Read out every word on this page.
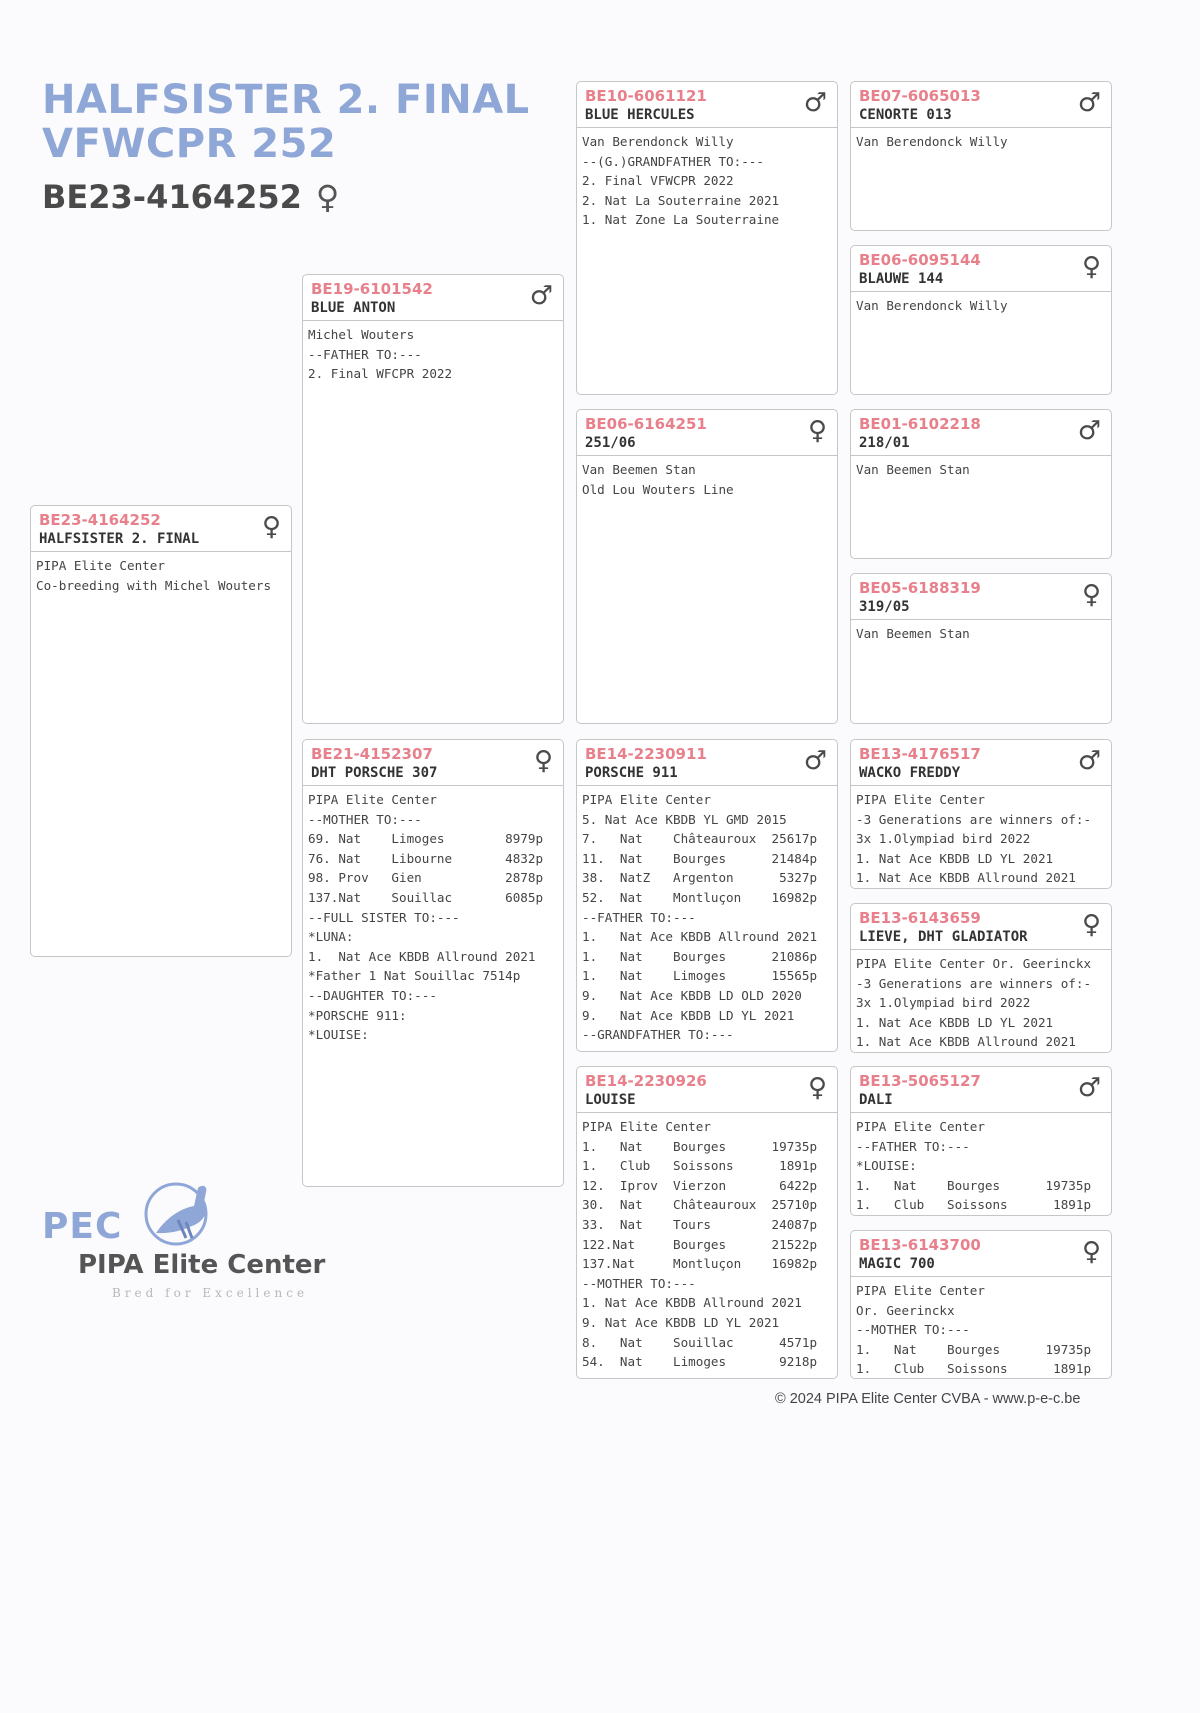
HALFSISTER 2. FINAL
VFWCPR 252
BE23-4164252 ♀
BE23-4164252
HALFSISTER 2. FINAL	♀
PIPA Elite Center
Co-breeding with Michel Wouters
BE19-6101542
BLUE ANTON	♂
Michel Wouters
--FATHER TO:---
2. Final WFCPR 2022
BE21-4152307
DHT PORSCHE 307	♀
PIPA Elite Center
--MOTHER TO:---
69. Nat    Limoges        8979p
76. Nat    Libourne       4832p
98. Prov   Gien           2878p
137.Nat    Souillac       6085p
--FULL SISTER TO:---
*LUNA:
1.  Nat Ace KBDB Allround 2021
*Father 1 Nat Souillac 7514p
--DAUGHTER TO:---
*PORSCHE 911:
*LOUISE:
BE10-6061121
BLUE HERCULES	♂
Van Berendonck Willy
--(G.)GRANDFATHER TO:---
2. Final VFWCPR 2022
2. Nat La Souterraine 2021
1. Nat Zone La Souterraine
BE06-6164251
251/06	♀
Van Beemen Stan
Old Lou Wouters Line
BE14-2230911
PORSCHE 911	♂
PIPA Elite Center
5. Nat Ace KBDB YL GMD 2015
7.   Nat    Châteauroux  25617p
11.  Nat    Bourges      21484p
38.  NatZ   Argenton      5327p
52.  Nat    Montluçon    16982p
--FATHER TO:---
1.   Nat Ace KBDB Allround 2021
1.   Nat    Bourges      21086p
1.   Nat    Limoges      15565p
9.   Nat Ace KBDB LD OLD 2020
9.   Nat Ace KBDB LD YL 2021
--GRANDFATHER TO:---
BE14-2230926
LOUISE	♀
PIPA Elite Center
1.   Nat    Bourges      19735p
1.   Club   Soissons      1891p
12.  Iprov  Vierzon       6422p
30.  Nat    Châteauroux  25710p
33.  Nat    Tours        24087p
122.Nat     Bourges      21522p
137.Nat     Montluçon    16982p
--MOTHER TO:---
1. Nat Ace KBDB Allround 2021
9. Nat Ace KBDB LD YL 2021
8.   Nat    Souillac      4571p
54.  Nat    Limoges       9218p
BE07-6065013
CENORTE 013	♂
Van Berendonck Willy
BE06-6095144
BLAUWE 144	♀
Van Berendonck Willy
BE01-6102218
218/01	♂
Van Beemen Stan
BE05-6188319
319/05	♀
Van Beemen Stan
BE13-4176517
WACKO FREDDY	♂
PIPA Elite Center
-3 Generations are winners of:-
3x 1.Olympiad bird 2022
1. Nat Ace KBDB LD YL 2021
1. Nat Ace KBDB Allround 2021
BE13-6143659
LIEVE, DHT GLADIATOR	♀
PIPA Elite Center Or. Geerinckx
-3 Generations are winners of:-
3x 1.Olympiad bird 2022
1. Nat Ace KBDB LD YL 2021
1. Nat Ace KBDB Allround 2021
BE13-5065127
DALI	♂
PIPA Elite Center
--FATHER TO:---
*LOUISE:
1.   Nat    Bourges      19735p
1.   Club   Soissons      1891p
BE13-6143700
MAGIC 700	♀
PIPA Elite Center
Or. Geerinckx
--MOTHER TO:---
1.   Nat    Bourges      19735p
1.   Club   Soissons      1891p
PEC
PIPA Elite Center
Bred for Excellence
© 2024 PIPA Elite Center CVBA - www.p-e-c.be
